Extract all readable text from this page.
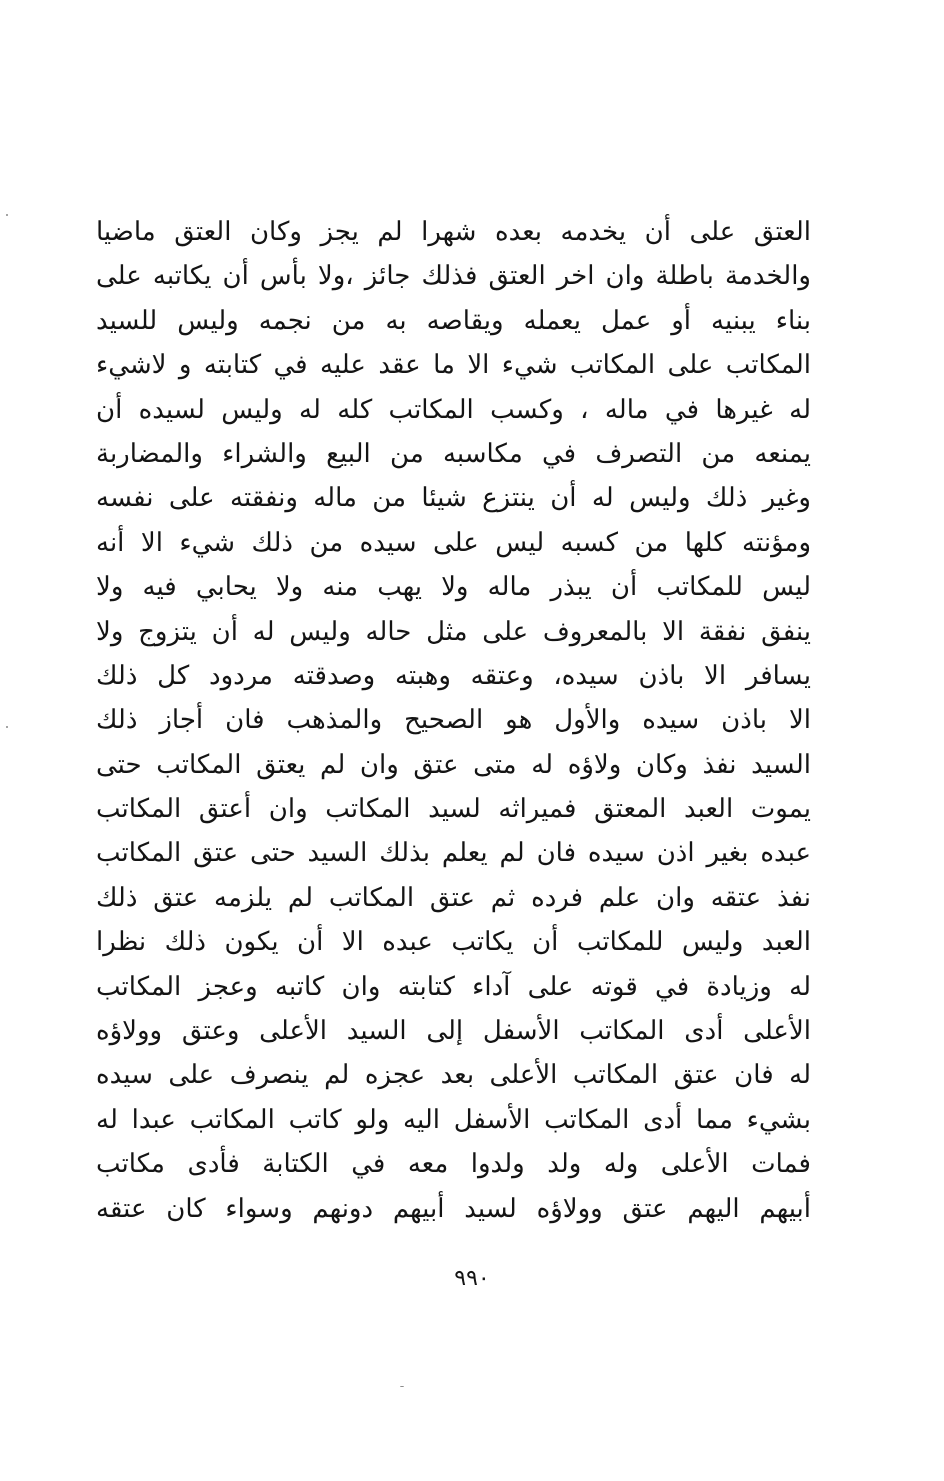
العتق على أن يخدمه بعده شهرا لم يجز وكان العتق ماضيا
والخدمة باطلة وان اخر العتق فذلك جائز ،ولا بأس أن يكاتبه على
بناء يبنيه أو عمل يعمله ويقاصه به من نجمه وليس للسيد
المكاتب على المكاتب شيء الا ما عقد عليه في كتابته و لاشيء
له غيرها في ماله ، وكسب المكاتب كله له وليس لسيده أن
يمنعه من التصرف في مكاسبه من البيع والشراء والمضاربة
وغير ذلك وليس له أن ينتزع شيئا من ماله ونفقته على نفسه
ومؤنته كلها من كسبه ليس على سيده من ذلك شيء الا أنه
ليس للمكاتب أن يبذر ماله ولا يهب منه ولا يحابي فيه ولا
ينفق نفقة الا بالمعروف على مثل حاله وليس له أن يتزوج ولا
يسافر الا باذن سيده، وعتقه وهبته وصدقته مردود كل ذلك
الا باذن سيده والأول هو الصحيح والمذهب فان أجاز ذلك
السيد نفذ وكان ولاؤه له متى عتق وان لم يعتق المكاتب حتى
يموت العبد المعتق فميراثه لسيد المكاتب وان أعتق المكاتب
عبده بغير اذن سيده فان لم يعلم بذلك السيد حتى عتق المكاتب
نفذ عتقه وان علم فرده ثم عتق المكاتب لم يلزمه عتق ذلك
العبد وليس للمكاتب أن يكاتب عبده الا أن يكون ذلك نظرا
له وزيادة في قوته على آداء كتابته وان كاتبه وعجز المكاتب
الأعلى أدى المكاتب الأسفل إلى السيد الأعلى وعتق وولاؤه
له فان عتق المكاتب الأعلى بعد عجزه لم ينصرف على سيده
بشيء مما أدى المكاتب الأسفل اليه ولو كاتب المكاتب عبدا له
فمات الأعلى وله ولد ولدوا معه في الكتابة فأدى مكاتب
أبيهم اليهم عتق وولاؤه لسيد أبيهم دونهم وسواء كان عتقه
٩٩٠
